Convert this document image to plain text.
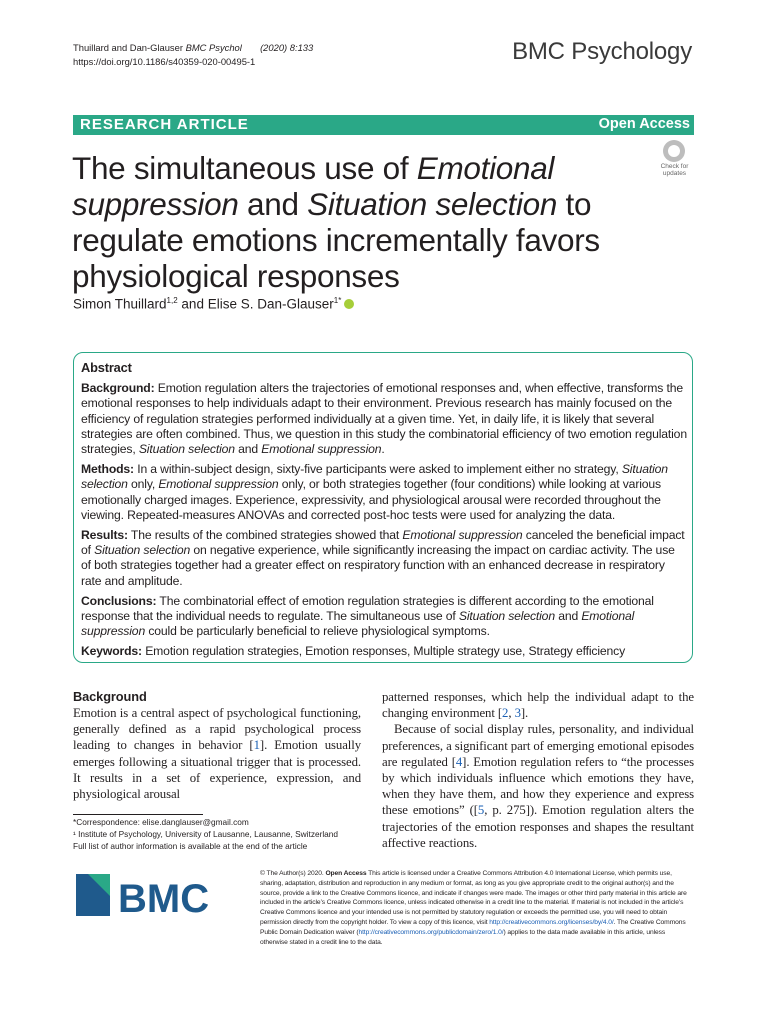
Thuillard and Dan-Glauser BMC Psychol (2020) 8:133
https://doi.org/10.1186/s40359-020-00495-1	BMC Psychology
RESEARCH ARTICLE	Open Access
Check for updates
The simultaneous use of Emotional suppression and Situation selection to regulate emotions incrementally favors physiological responses
Simon Thuillard$^{1,2}$ and Elise S. Dan-Glauser$^{1*}$
Abstract

Background: Emotion regulation alters the trajectories of emotional responses and, when effective, transforms the emotional responses to help individuals adapt to their environment. Previous research has mainly focused on the efficiency of regulation strategies performed individually at a given time. Yet, in daily life, it is likely that several strategies are often combined. Thus, we question in this study the combinatorial efficiency of two emotion regulation strategies, Situation selection and Emotional suppression.

Methods: In a within-subject design, sixty-five participants were asked to implement either no strategy, Situation selection only, Emotional suppression only, or both strategies together (four conditions) while looking at various emotionally charged images. Experience, expressivity, and physiological arousal were recorded throughout the viewing. Repeated-measures ANOVAs and corrected post-hoc tests were used for analyzing the data.

Results: The results of the combined strategies showed that Emotional suppression canceled the beneficial impact of Situation selection on negative experience, while significantly increasing the impact on cardiac activity. The use of both strategies together had a greater effect on respiratory function with an enhanced decrease in respiratory rate and amplitude.

Conclusions: The combinatorial effect of emotion regulation strategies is different according to the emotional response that the individual needs to regulate. The simultaneous use of Situation selection and Emotional suppression could be particularly beneficial to relieve physiological symptoms.

Keywords: Emotion regulation strategies, Emotion responses, Multiple strategy use, Strategy efficiency

Background
Emotion is a central aspect of psychological functioning, generally defined as a rapid psychological process leading to changes in behavior [1]. Emotion usually emerges following a situational trigger that is processed. It results in a set of experience, expression, and physiological arousal

patterned responses, which help the individual adapt to the changing environment [2, 3].

Because of social display rules, personality, and individual preferences, a significant part of emerging emotional episodes are regulated [4]. Emotion regulation refers to “the processes by which individuals influence which emotions they have, when they have them, and how they experience and express these emotions” ([5, p. 275]). Emotion regulation alters the trajectories of the emotion responses and shapes the resultant affective reactions.

*Correspondence: elise.danglauser@gmail.com
¹ Institute of Psychology, University of Lausanne, Lausanne, Switzerland
Full list of author information is available at the end of the article
BMC
© The Author(s) 2020. Open Access This article is licensed under a Creative Commons Attribution 4.0 International License, which permits use, sharing, adaptation, distribution and reproduction in any medium or format, as long as you give appropriate credit to the original author(s) and the source, provide a link to the Creative Commons licence, and indicate if changes were made. The images or other third party material in this article are included in the article’s Creative Commons licence, unless indicated otherwise in a credit line to the material. If material is not included in the article’s Creative Commons licence and your intended use is not permitted by statutory regulation or exceeds the permitted use, you will need to obtain permission directly from the copyright holder. To view a copy of this licence, visit http://creativecommons.org/licenses/by/4.0/. The Creative Commons Public Domain Dedication waiver (http://creativecommons.org/publicdomain/zero/1.0/) applies to the data made available in this article, unless otherwise stated in a credit line to the data.
